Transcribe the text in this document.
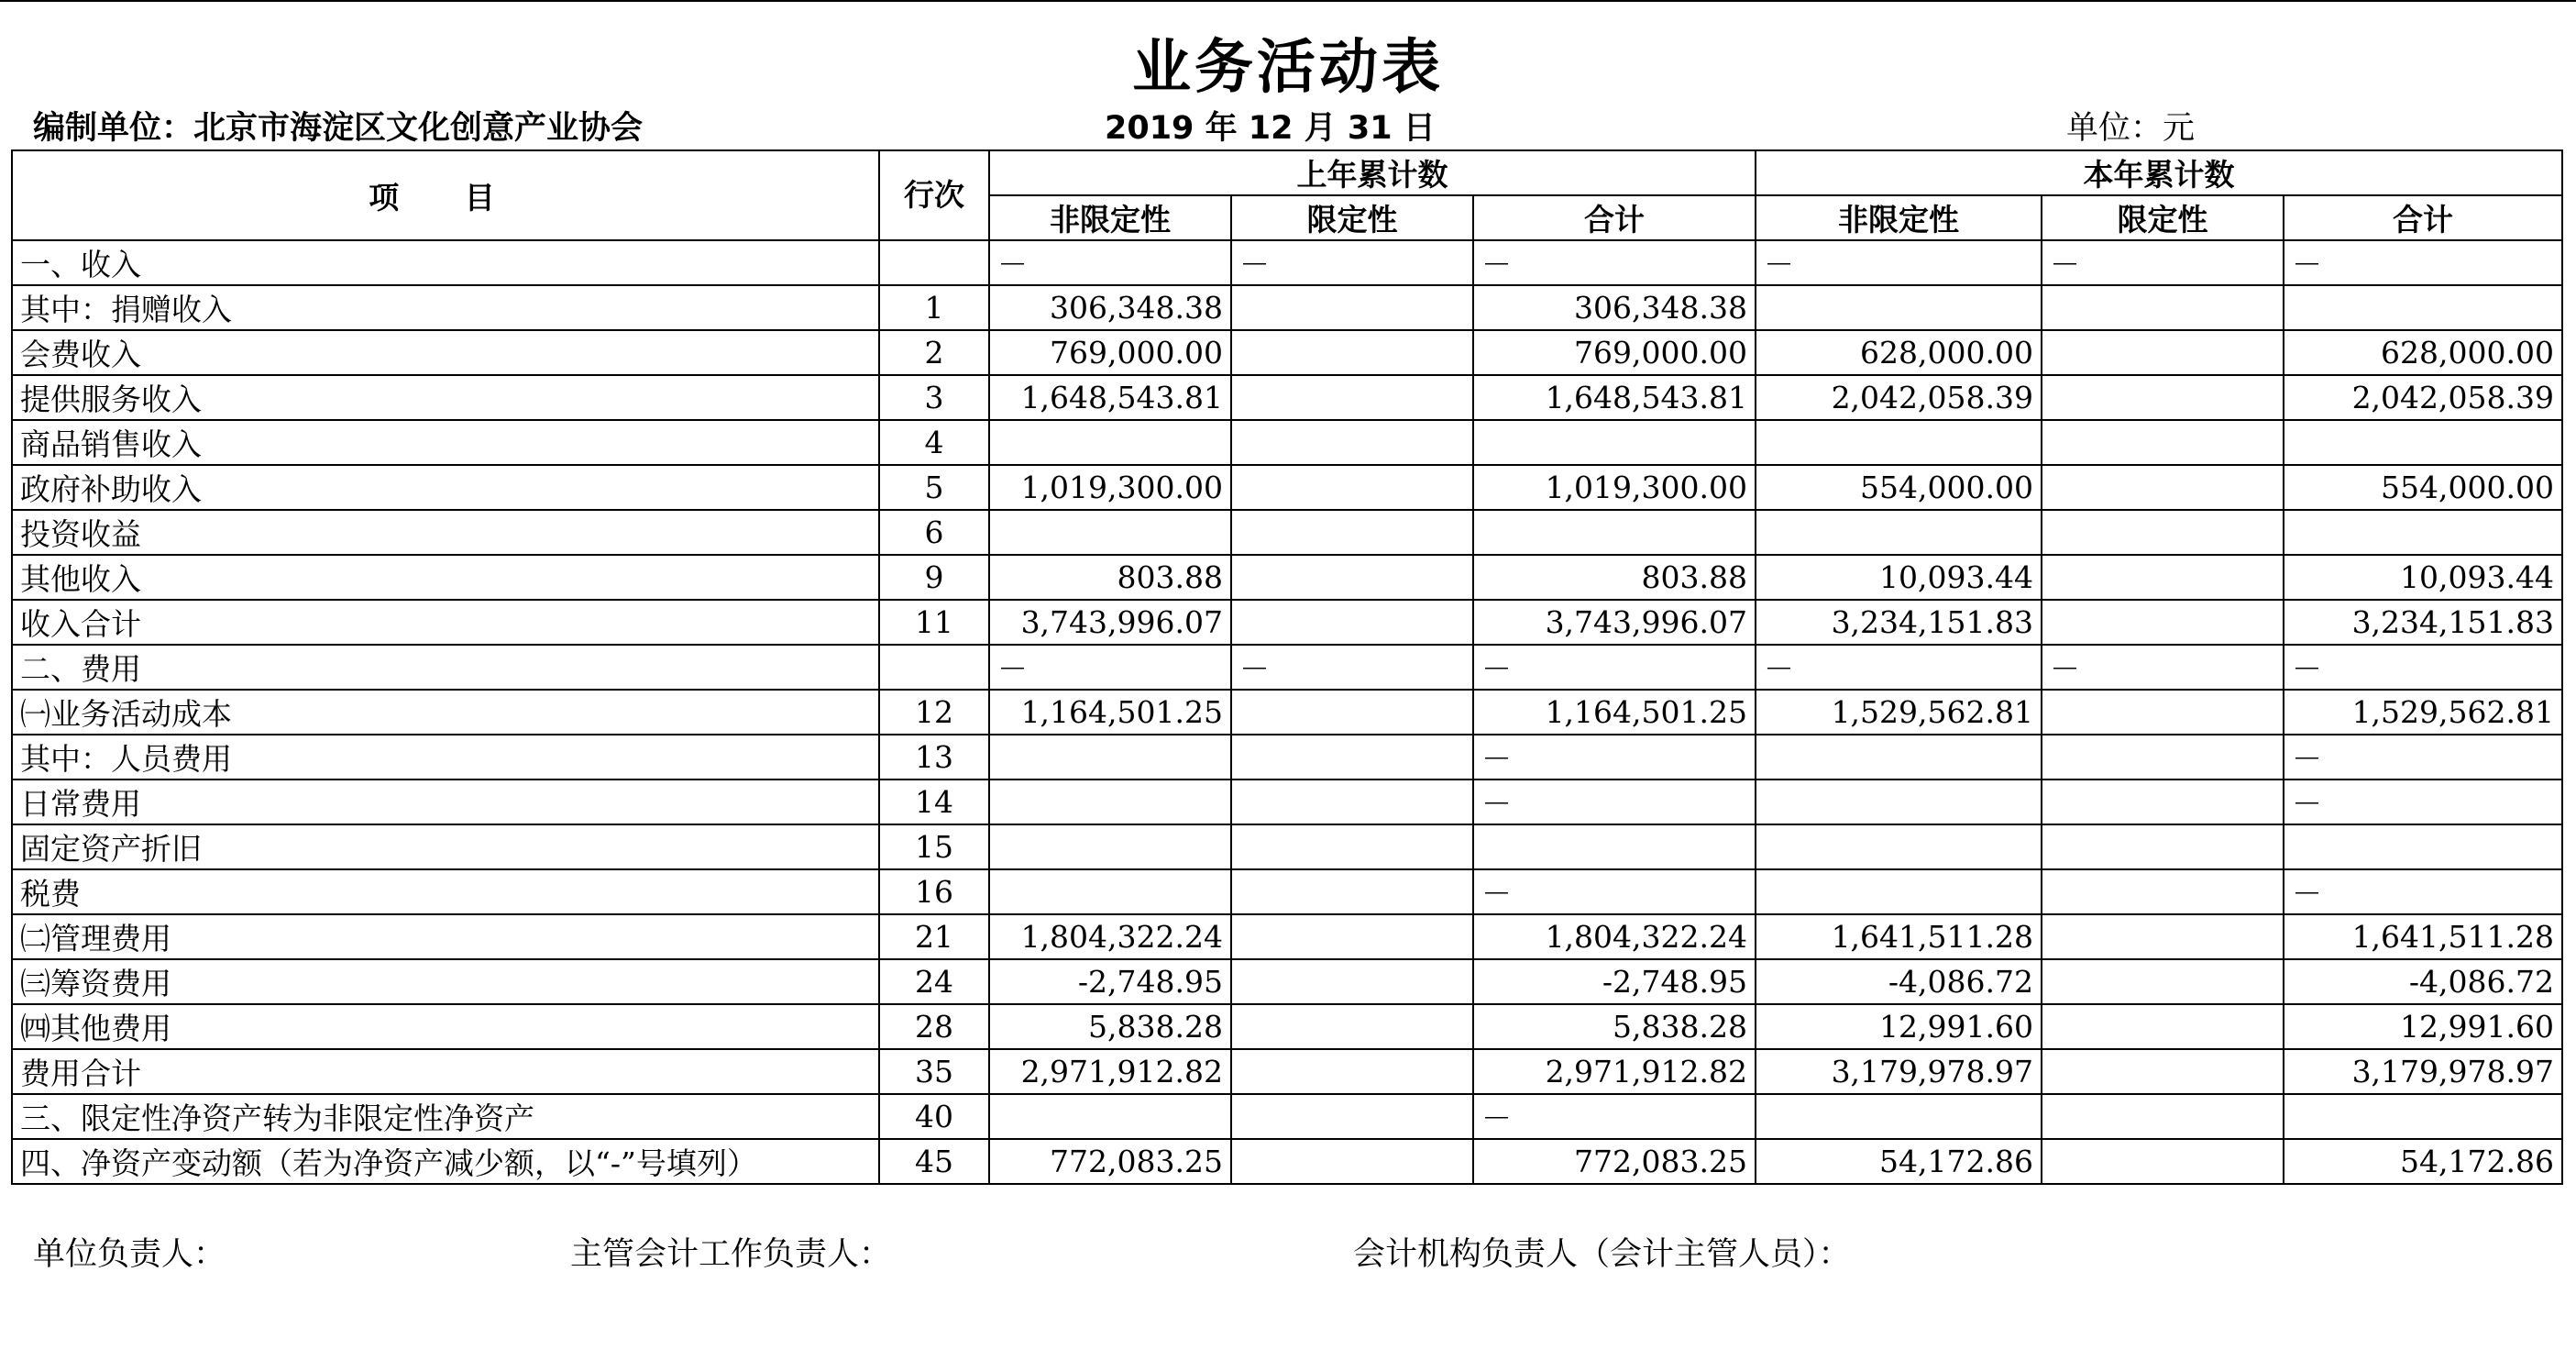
业务活动表
编制单位：北京市海淀区文化创意产业协会	2019 年 12 月 31 日	单位：元
项 目	行次	上年累计数			本年累计数		
		非限定性	限定性	合计	非限定性	限定性	合计
一、收入		－	－	－	－	－	－
其中：捐赠收入	1	306,348.38		306,348.38			
会费收入	2	769,000.00		769,000.00	628,000.00		628,000.00
提供服务收入	3	1,648,543.81		1,648,543.81	2,042,058.39		2,042,058.39
商品销售收入	4						
政府补助收入	5	1,019,300.00		1,019,300.00	554,000.00		554,000.00
投资收益	6						
其他收入	9	803.88		803.88	10,093.44		10,093.44
收入合计	11	3,743,996.07		3,743,996.07	3,234,151.83		3,234,151.83
二、费用		－	－	－	－	－	－
㈠业务活动成本	12	1,164,501.25		1,164,501.25	1,529,562.81		1,529,562.81
其中：人员费用	13			－			－
日常费用	14			－			－
固定资产折旧	15						
税费	16			－			－
㈡管理费用	21	1,804,322.24		1,804,322.24	1,641,511.28		1,641,511.28
㈢筹资费用	24	-2,748.95		-2,748.95	-4,086.72		-4,086.72
㈣其他费用	28	5,838.28		5,838.28	12,991.60		12,991.60
费用合计	35	2,971,912.82		2,971,912.82	3,179,978.97		3,179,978.97
三、限定性净资产转为非限定性净资产	40			－			
四、净资产变动额（若为净资产减少额，以“-”号填列）	45	772,083.25		772,083.25	54,172.86		54,172.86
单位负责人：	主管会计工作负责人：	会计机构负责人（会计主管人员）：
